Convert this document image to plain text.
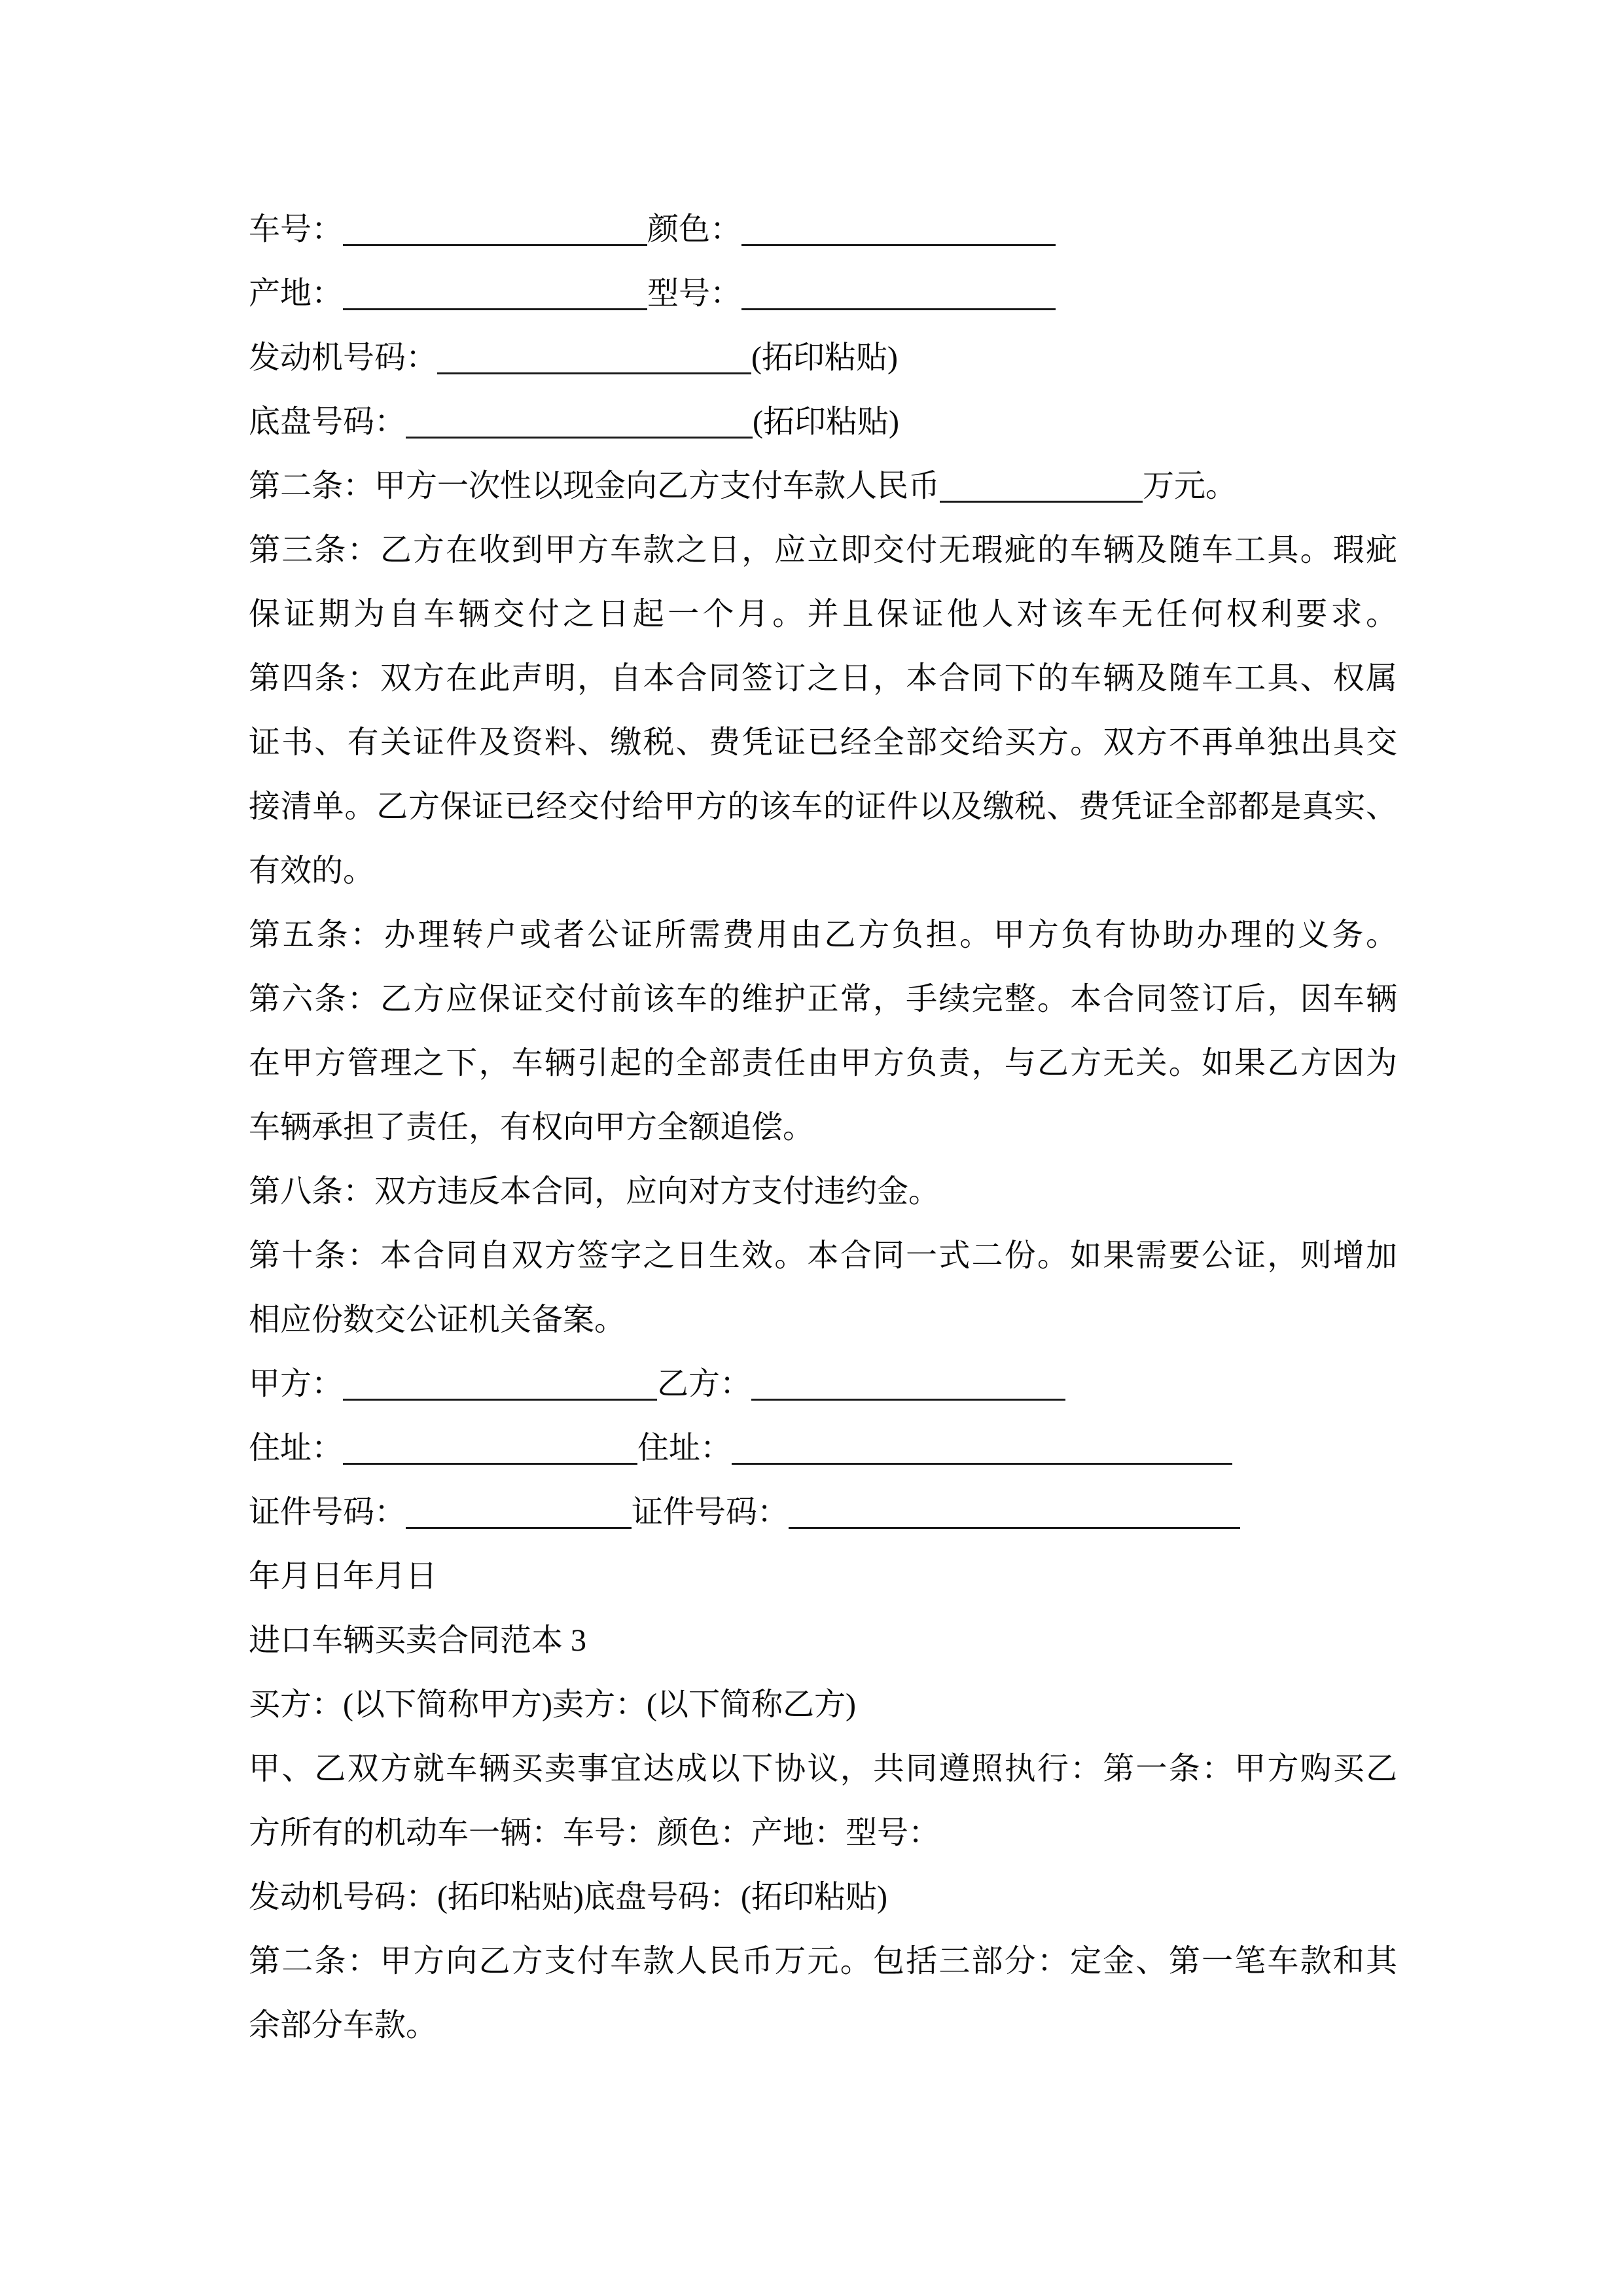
车号：	颜色：
产地：	型号：
发动机号码：	(拓印粘贴)
底盘号码：	(拓印粘贴)
第二条：甲方一次性以现金向乙方支付车款人民币	万元。
第三条：乙方在收到甲方车款之日，应立即交付无瑕疵的车辆及随车工具。瑕疵
保证期为自车辆交付之日起一个月。并且保证他人对该车无任何权利要求。
第四条：双方在此声明，自本合同签订之日，本合同下的车辆及随车工具、权属
证书、有关证件及资料、缴税、费凭证已经全部交给买方。双方不再单独出具交
接清单。乙方保证已经交付给甲方的该车的证件以及缴税、费凭证全部都是真实、
有效的。
第五条：办理转户或者公证所需费用由乙方负担。甲方负有协助办理的义务。
第六条：乙方应保证交付前该车的维护正常，手续完整。本合同签订后，因车辆
在甲方管理之下，车辆引起的全部责任由甲方负责，与乙方无关。如果乙方因为
车辆承担了责任，有权向甲方全额追偿。
第八条：双方违反本合同，应向对方支付违约金。
第十条：本合同自双方签字之日生效。本合同一式二份。如果需要公证，则增加
相应份数交公证机关备案。
甲方：	乙方：
住址：	住址：
证件号码：	证件号码：
年月日年月日
进口车辆买卖合同范本 3
买方：(以下简称甲方)卖方：(以下简称乙方)
甲、乙双方就车辆买卖事宜达成以下协议，共同遵照执行：第一条：甲方购买乙
方所有的机动车一辆：车号：颜色：产地：型号：
发动机号码：(拓印粘贴)底盘号码：(拓印粘贴)
第二条：甲方向乙方支付车款人民币万元。包括三部分：定金、第一笔车款和其
余部分车款。
